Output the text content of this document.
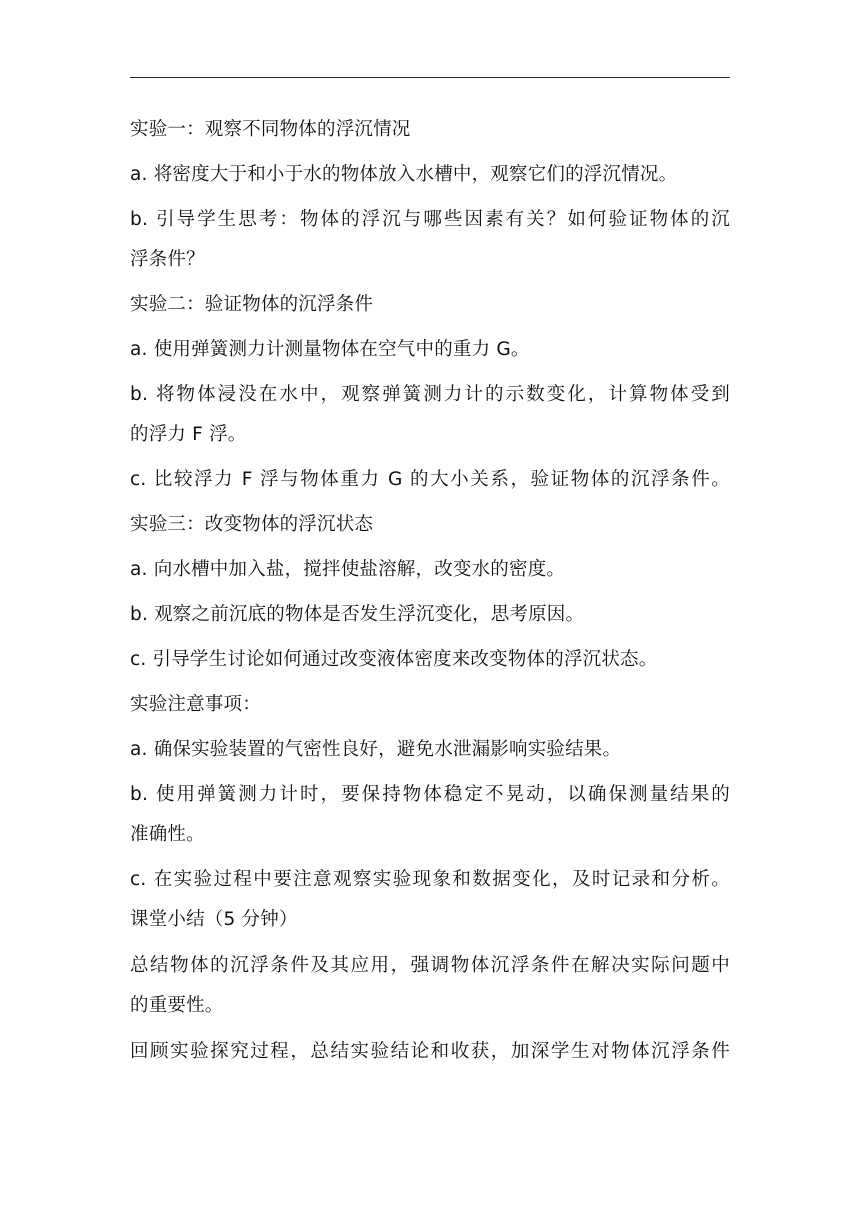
实验一：观察不同物体的浮沉情况
a. 将密度大于和小于水的物体放入水槽中，观察它们的浮沉情况。
b. 引导学生思考：物体的浮沉与哪些因素有关？如何验证物体的沉
浮条件？
实验二：验证物体的沉浮条件
a. 使用弹簧测力计测量物体在空气中的重力 G。
b. 将物体浸没在水中，观察弹簧测力计的示数变化，计算物体受到
的浮力 F 浮。
c. 比较浮力 F 浮与物体重力 G 的大小关系，验证物体的沉浮条件。
实验三：改变物体的浮沉状态
a. 向水槽中加入盐，搅拌使盐溶解，改变水的密度。
b. 观察之前沉底的物体是否发生浮沉变化，思考原因。
c. 引导学生讨论如何通过改变液体密度来改变物体的浮沉状态。
实验注意事项：
a. 确保实验装置的气密性良好，避免水泄漏影响实验结果。
b. 使用弹簧测力计时，要保持物体稳定不晃动，以确保测量结果的
准确性。
c. 在实验过程中要注意观察实验现象和数据变化，及时记录和分析。
课堂小结（5 分钟）
总结物体的沉浮条件及其应用，强调物体沉浮条件在解决实际问题中
的重要性。
回顾实验探究过程，总结实验结论和收获，加深学生对物体沉浮条件
